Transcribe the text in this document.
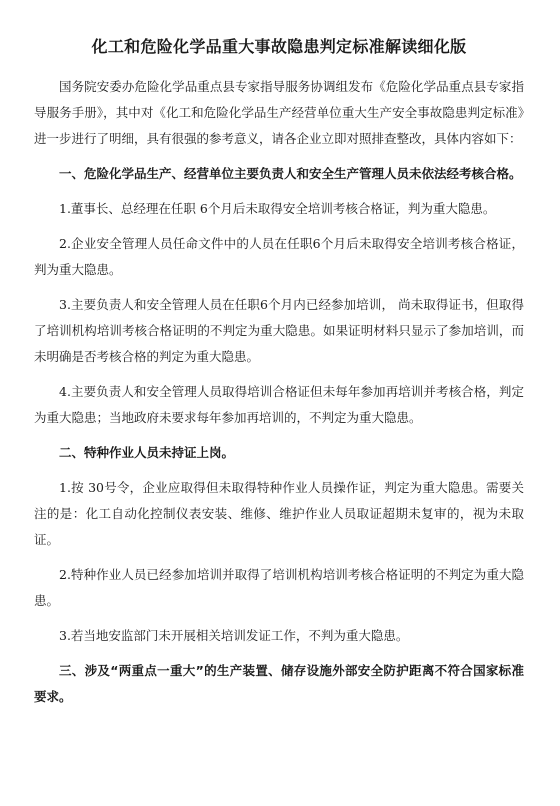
化工和危险化学品重大事故隐患判定标准解读细化版

国务院安委办危险化学品重点县专家指导服务协调组发布《危险化学品重点县专家指导服务手册》，其中对《化工和危险化学品生产经营单位重大生产安全事故隐患判定标准》进一步进行了明细，具有很强的参考意义，请各企业立即对照排查整改，具体内容如下：

一、危险化学品生产、经营单位主要负责人和安全生产管理人员未依法经考核合格。

1.董事长、总经理在任职 6个月后未取得安全培训考核合格证，判为重大隐患。

2.企业安全管理人员任命文件中的人员在任职6个月后未取得安全培训考核合格证，判为重大隐患。

3.主要负责人和安全管理人员在任职6个月内已经参加培训， 尚未取得证书，但取得了培训机构培训考核合格证明的不判定为重大隐患。如果证明材料只显示了参加培训，而未明确是否考核合格的判定为重大隐患。

4.主要负责人和安全管理人员取得培训合格证但未每年参加再培训并考核合格，判定为重大隐患；当地政府未要求每年参加再培训的，不判定为重大隐患。

二、特种作业人员未持证上岗。

1.按 30号令，企业应取得但未取得特种作业人员操作证，判定为重大隐患。需要关注的是：化工自动化控制仪表安装、维修、维护作业人员取证超期未复审的，视为未取证。

2.特种作业人员已经参加培训并取得了培训机构培训考核合格证明的不判定为重大隐患。

3.若当地安监部门未开展相关培训发证工作，不判为重大隐患。

三、涉及“两重点一重大”的生产装置、储存设施外部安全防护距离不符合国家标准要求。
